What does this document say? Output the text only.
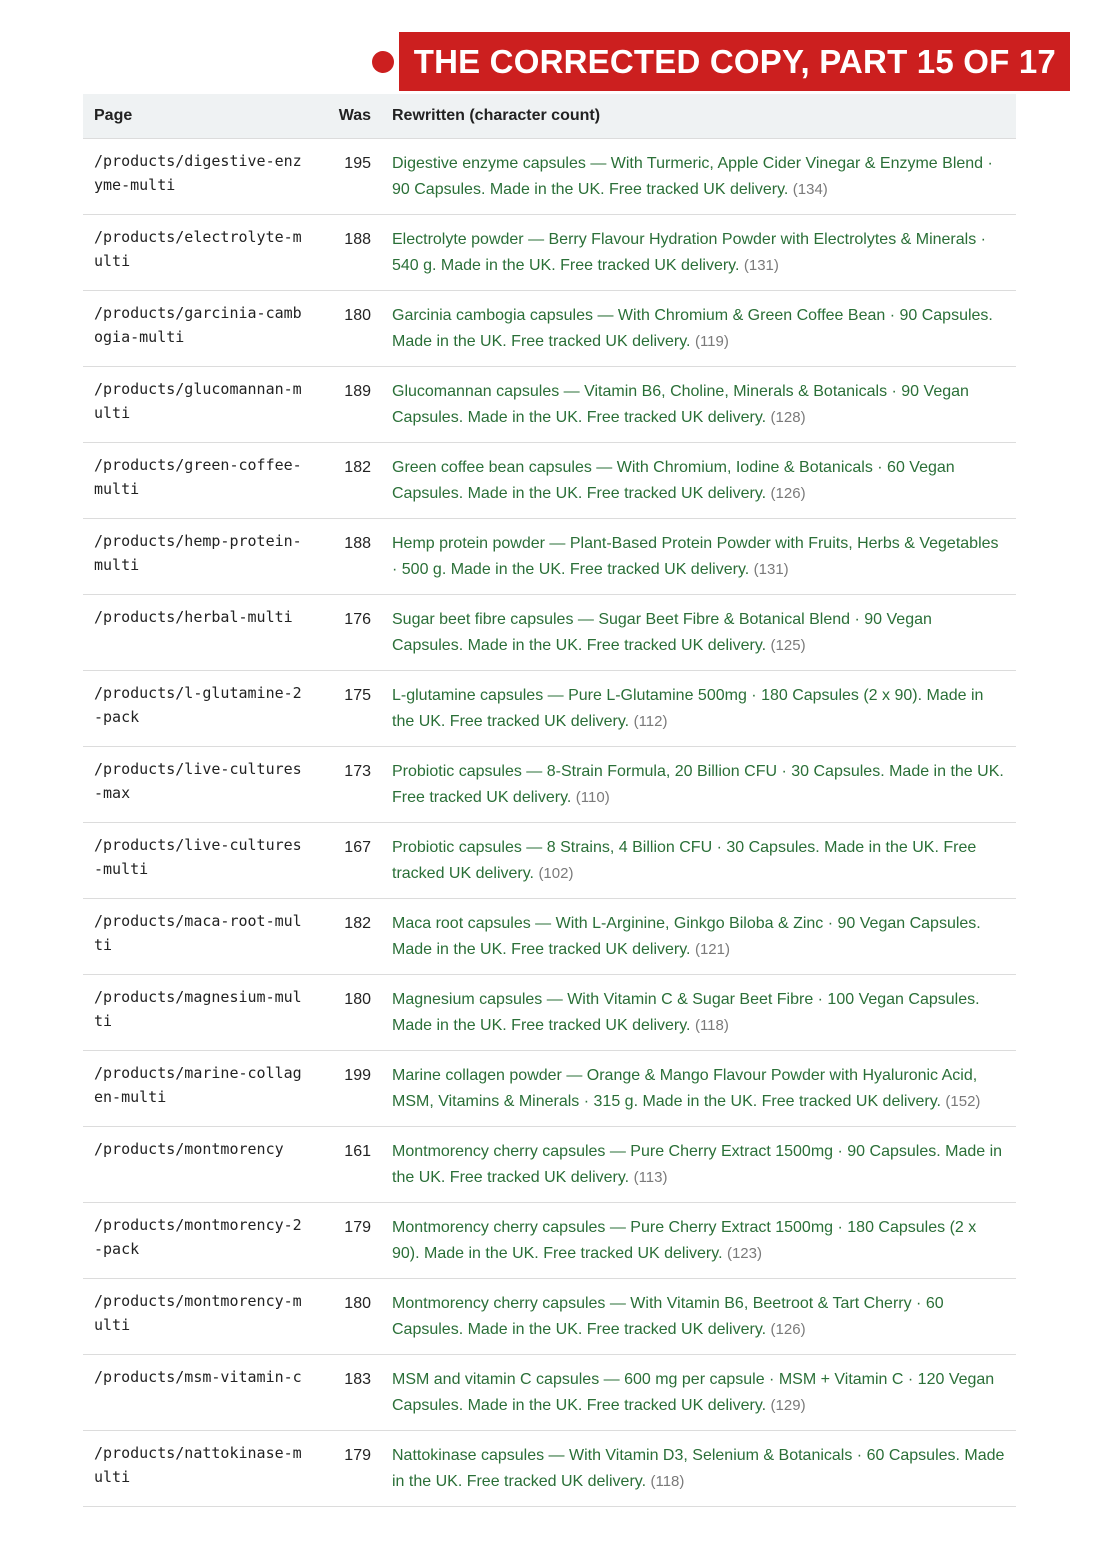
THE CORRECTED COPY, PART 15 OF 17
Page	Was	Rewritten (character count)
/products/digestive-enzyme-multi	195	Digestive enzyme capsules — With Turmeric, Apple Cider Vinegar & Enzyme Blend · 90 Capsules. Made in the UK. Free tracked UK delivery. (134)
/products/electrolyte-multi	188	Electrolyte powder — Berry Flavour Hydration Powder with Electrolytes & Minerals · 540 g. Made in the UK. Free tracked UK delivery. (131)
/products/garcinia-cambogia-multi	180	Garcinia cambogia capsules — With Chromium & Green Coffee Bean · 90 Capsules. Made in the UK. Free tracked UK delivery. (119)
/products/glucomannan-multi	189	Glucomannan capsules — Vitamin B6, Choline, Minerals & Botanicals · 90 Vegan Capsules. Made in the UK. Free tracked UK delivery. (128)
/products/green-coffee-multi	182	Green coffee bean capsules — With Chromium, Iodine & Botanicals · 60 Vegan Capsules. Made in the UK. Free tracked UK delivery. (126)
/products/hemp-protein-multi	188	Hemp protein powder — Plant-Based Protein Powder with Fruits, Herbs & Vegetables · 500 g. Made in the UK. Free tracked UK delivery. (131)
/products/herbal-multi	176	Sugar beet fibre capsules — Sugar Beet Fibre & Botanical Blend · 90 Vegan Capsules. Made in the UK. Free tracked UK delivery. (125)
/products/l-glutamine-2-pack	175	L-glutamine capsules — Pure L-Glutamine 500mg · 180 Capsules (2 x 90). Made in the UK. Free tracked UK delivery. (112)
/products/live-cultures-max	173	Probiotic capsules — 8-Strain Formula, 20 Billion CFU · 30 Capsules. Made in the UK. Free tracked UK delivery. (110)
/products/live-cultures-multi	167	Probiotic capsules — 8 Strains, 4 Billion CFU · 30 Capsules. Made in the UK. Free tracked UK delivery. (102)
/products/maca-root-multi	182	Maca root capsules — With L-Arginine, Ginkgo Biloba & Zinc · 90 Vegan Capsules. Made in the UK. Free tracked UK delivery. (121)
/products/magnesium-multi	180	Magnesium capsules — With Vitamin C & Sugar Beet Fibre · 100 Vegan Capsules. Made in the UK. Free tracked UK delivery. (118)
/products/marine-collagen-multi	199	Marine collagen powder — Orange & Mango Flavour Powder with Hyaluronic Acid, MSM, Vitamins & Minerals · 315 g. Made in the UK. Free tracked UK delivery. (152)
/products/montmorency	161	Montmorency cherry capsules — Pure Cherry Extract 1500mg · 90 Capsules. Made in the UK. Free tracked UK delivery. (113)
/products/montmorency-2-pack	179	Montmorency cherry capsules — Pure Cherry Extract 1500mg · 180 Capsules (2 x 90). Made in the UK. Free tracked UK delivery. (123)
/products/montmorency-multi	180	Montmorency cherry capsules — With Vitamin B6, Beetroot & Tart Cherry · 60 Capsules. Made in the UK. Free tracked UK delivery. (126)
/products/msm-vitamin-c	183	MSM and vitamin C capsules — 600 mg per capsule · MSM + Vitamin C · 120 Vegan Capsules. Made in the UK. Free tracked UK delivery. (129)
/products/nattokinase-multi	179	Nattokinase capsules — With Vitamin D3, Selenium & Botanicals · 60 Capsules. Made in the UK. Free tracked UK delivery. (118)
